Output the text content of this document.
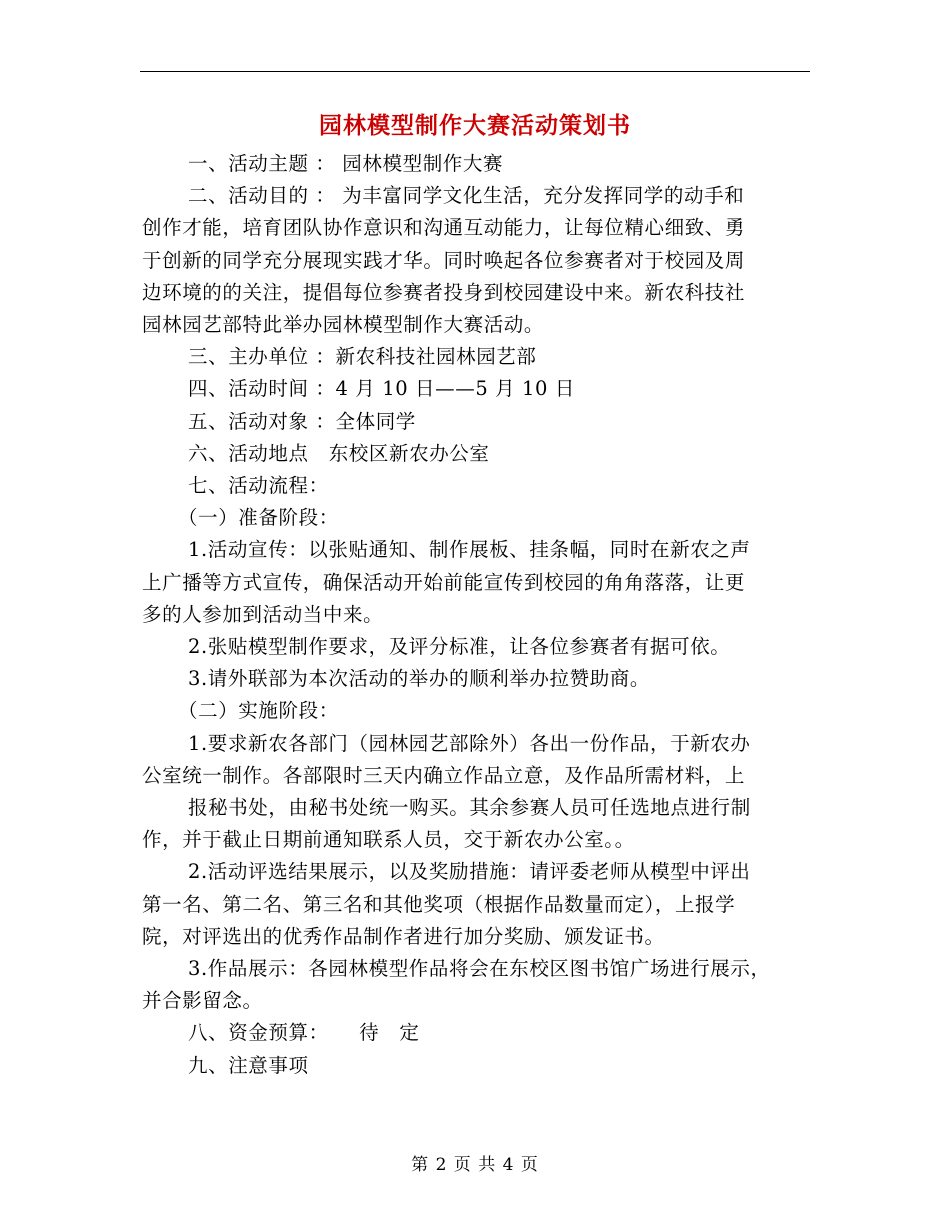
园林模型制作大赛活动策划书

一、活动主题 ： 园林模型制作大赛

二、活动目的 ： 为丰富同学文化生活，充分发挥同学的动手和

创作才能，培育团队协作意识和沟通互动能力，让每位精心细致、勇

于创新的同学充分展现实践才华。同时唤起各位参赛者对于校园及周

边环境的的关注，提倡每位参赛者投身到校园建设中来。新农科技社

园林园艺部特此举办园林模型制作大赛活动。

三、主办单位 ：新农科技社园林园艺部

四、活动时间 ：4 月 10 日——5 月 10 日

五、活动对象 ：全体同学

六、活动地点　东校区新农办公室

七、活动流程：

（一）准备阶段：

1.活动宣传：以张贴通知、制作展板、挂条幅，同时在新农之声

上广播等方式宣传，确保活动开始前能宣传到校园的角角落落，让更

多的人参加到活动当中来。

2.张贴模型制作要求，及评分标准，让各位参赛者有据可依。

3.请外联部为本次活动的举办的顺利举办拉赞助商。

（二）实施阶段：

1.要求新农各部门（园林园艺部除外）各出一份作品，于新农办

公室统一制作。各部限时三天内确立作品立意，及作品所需材料，上

报秘书处，由秘书处统一购买。其余参赛人员可任选地点进行制

作，并于截止日期前通知联系人员，交于新农办公室。。

2.活动评选结果展示，以及奖励措施：请评委老师从模型中评出

第一名、第二名、第三名和其他奖项（根据作品数量而定），上报学

院，对评选出的优秀作品制作者进行加分奖励、颁发证书。

3.作品展示：各园林模型作品将会在东校区图书馆广场进行展示，

并合影留念。

八、资金预算：　　待　定

九、注意事项

第 2 页 共 4 页
